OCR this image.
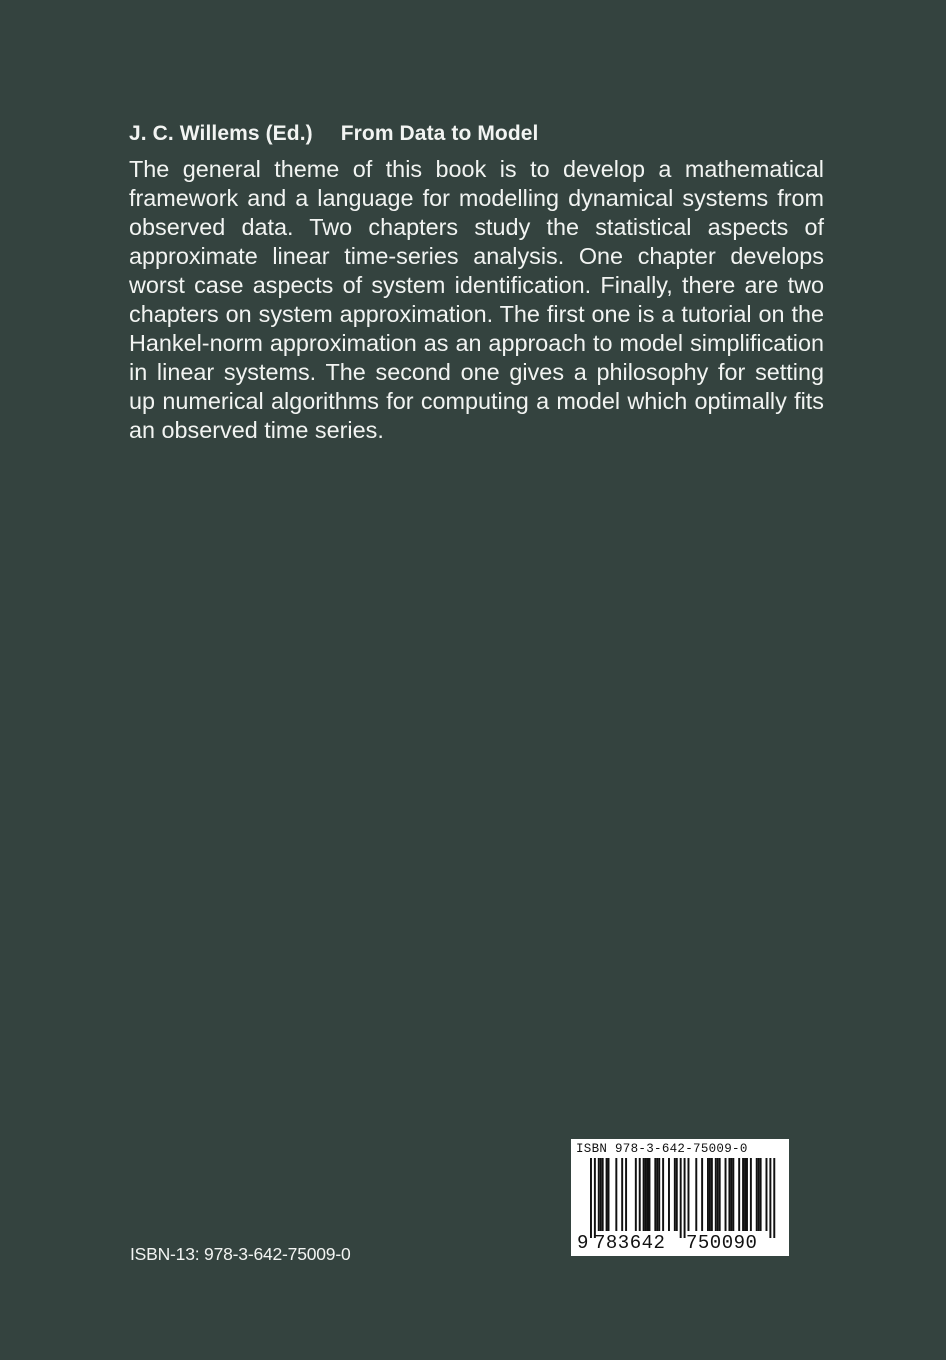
J. C. Willems (Ed.) From Data to Model

The general theme of this book is to develop a mathematical framework and a language for modelling dynamical systems from observed data. Two chapters study the statistical aspects of approximate linear time-series analysis. One chapter develops worst case aspects of system identification. Finally, there are two chapters on system approximation. The first one is a tutorial on the Hankel-norm approximation as an approach to model simplification in linear systems. The second one gives a philosophy for setting up numerical algorithms for computing a model which optimally fits an observed time series.

ISBN-13: 978-3-642-75009-0
ISBN 978-3-642-75009-0
9 783642 750090
